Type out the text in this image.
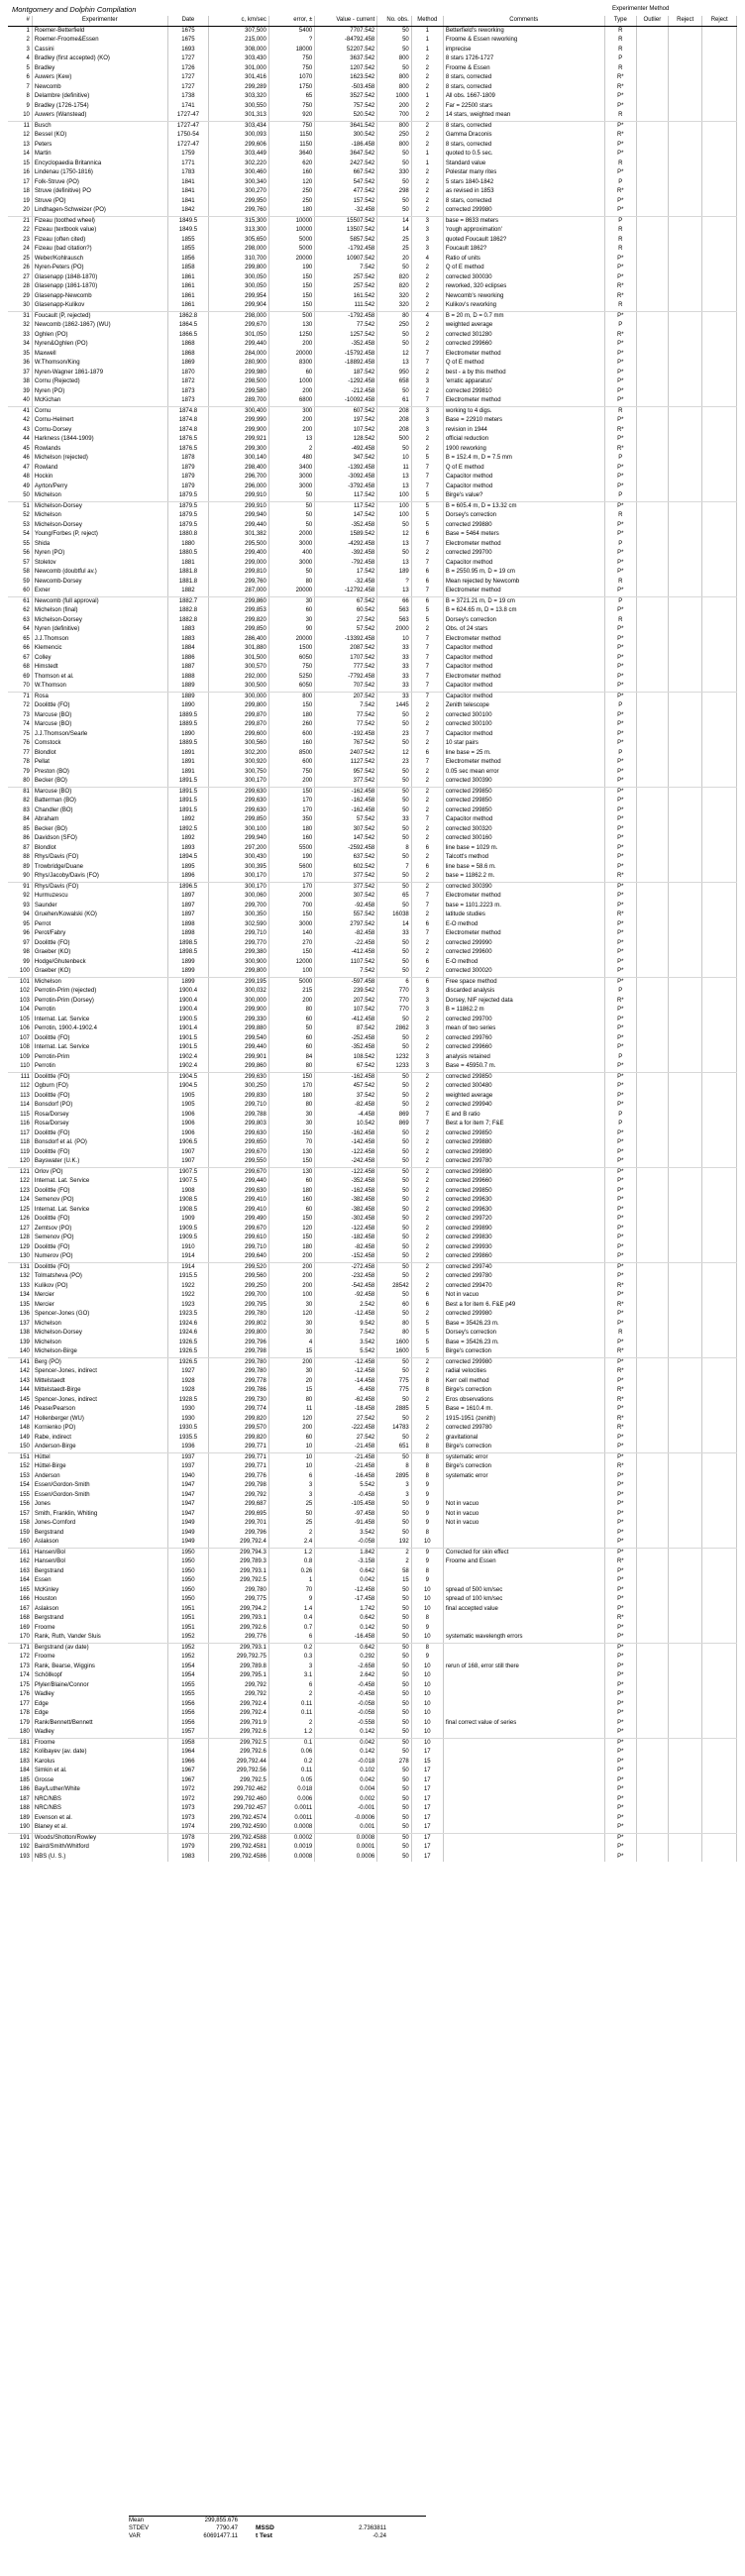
Montgomery and Dolphin Compilation	Experimenter Method
#	Experimenter	Date	c, km/sec	error, ±	Value - current	No. obs.	Method	Comments	Type	Outlier	Reject	Reject
1	Roemer-Betterfield	1675	307,500	5400	7707.542	50	1	Betterfield's reworking	R			
2	Roemer-Froome&Essen	1675	215,000	?	-84792.458	50	1	Froome & Essen reworking	R			
3	Cassini	1693	308,000	18000	52207.542	50	1	imprecise	R			
4	Bradley (first accepted) (KO)	1727	303,430	750	3637.542	800	2	8 stars 1726-1727	P			
5	Bradley	1726	301,000	750	1207.542	50	2	Froome & Essen	R			
6	Auwers (Kew)	1727	301,416	1070	1623.542	800	2	8 stars, corrected	R*			
7	Newcomb	1727	299,289	1750	-503.458	800	2	8 stars, corrected	R*			
8	Delambre (definitive)	1738	303,320	65	3527.542	1000	1	All obs. 1667-1809	P*			
9	Bradley (1726-1754)	1741	300,550	750	757.542	200	2	Far = 22500 stars	P*			
10	Auwers (Wanstead)	1727-47	301,313	920	520.542	700	2	14 stars, weighted mean	R			
11	Busch	1727-47	303,434	750	3641.542	800	2	8 stars, corrected	P*			
12	Bessel (KO)	1750-54	300,093	1150	300.542	250	2	Gamma Draconis	R*			
13	Peters	1727-47	299,606	1150	-186.458	800	2	8 stars, corrected	P*			
14	Martin	1759	303,449	3640	3647.542	50	1	quoted to 0.5 sec.	P*			
15	Encyclopaedia Britannica	1771	302,220	620	2427.542	50	1	Standard value	R			
16	Lindenau (1750-1816)	1783	300,460	160	667.542	330	2	Polestar many rites	P*			
17	Folk-Struve (PO)	1841	300,340	120	547.542	50	2	5 stars 1840-1842	P			
18	Struve (definitive) PO	1841	300,270	250	477.542	298	2	as revised in 1853	R*			
19	Struve (PO)	1841	299,950	250	157.542	50	2	8 stars, corrected	P*			
20	Lindhagen-Schweizer (PO)	1842	299,760	180	-32.458	50	2	corrected 299980	P*			
21	Fizeau (toothed wheel)	1849.5	315,300	10000	15507.542	14	3	base = 8633 meters	P			
22	Fizeau (textbook value)	1849.5	313,300	10000	13507.542	14	3	'rough approximation'	R			
23	Fizeau (often cited)	1855	305,650	5000	5857.542	25	3	quoted Foucault 1862?	R			
24	Fizeau (bad citation?)	1855	298,000	5000	-1792.458	25	3	Foucault 1862?	R			
25	Weber/Kohlrausch	1856	310,700	20000	10907.542	20	4	Ratio of units	P*			
26	Nyren-Peters (PO)	1858	299,800	190	7.542	50	2	Q of E method	P*			
27	Glasenapp (1848-1870)	1861	300,050	150	257.542	820	2	corrected 300030	P*			
28	Glasenapp (1861-1870)	1861	300,050	150	257.542	820	2	reworked, 320 eclipses	R*			
29	Glasenapp-Newcomb	1861	299,954	150	161.542	320	2	Newcomb's reworking	R*			
30	Glasenapp-Kulikov	1861	299,904	150	111.542	320	2	Kulikov's reworking	R			
31	Foucault (P, rejected)	1862.8	298,000	500	-1792.458	80	4	B = 20 m, D = 0.7 mm	P*			
32	Newcomb (1862-1867) (WU)	1864.5	299,670	130	77.542	250	2	weighted average	P			
33	Oghlen (PO)	1866.5	301,050	1250	1257.542	50	2	corrected 301280	R*			
34	Nyren&Oghlen (PO)	1868	299,440	200	-352.458	50	2	corrected 299660	P*			
35	Maxwell	1868	284,000	20000	-15792.458	12	7	Electrometer method	P*			
36	W.Thomson/King	1869	280,900	8300	-18892.458	13	7	Q of E method	P*			
37	Nyren-Wagner 1861-1879	1870	299,980	60	187.542	950	2	best - a by this method	P*			
38	Cornu (Rejected)	1872	298,500	1000	-1292.458	658	3	'erratic apparatus'	P*			
39	Nyren (PO)	1873	299,580	200	-212.458	50	2	corrected 299810	P*			
40	McKichan	1873	289,700	6800	-10092.458	61	7	Electrometer method	P*			
41	Cornu	1874.8	300,400	300	607.542	208	3	working to 4 digs.	R			
42	Cornu-Helmert	1874.8	299,990	200	197.542	208	3	Base = 22910 meters	P*			
43	Cornu-Dorsey	1874.8	299,900	200	107.542	208	3	revision in 1944	R*			
44	Harkness (1844-1909)	1876.5	299,921	13	128.542	500	2	official reduction	P*			
45	Rowlands	1876.5	299,300	2	-492.458	50	2	1900 reworking	R*			
46	Michelson (rejected)	1878	300,140	480	347.542	10	5	B = 152.4 m, D = 7.5 mm	P			
47	Rowland	1879	298,400	3400	-1392.458	11	7	Q of E method	P*			
48	Hockin	1879	296,700	3000	-3092.458	13	7	Capacitor method	P*			
49	Ayrton/Perry	1879	296,000	3000	-3792.458	13	7	Capacitor method	P*			
50	Michelson	1879.5	299,910	50	117.542	100	5	Birge's value?	P			
51	Michelson-Dorsey	1879.5	299,910	50	117.542	100	5	B = 605.4 m, D = 13.32 cm	P*			
52	Michelson	1879.5	299,940	50	147.542	100	5	Dorsey's correction	R			
53	Michelson-Dorsey	1879.5	299,440	50	-352.458	50	5	corrected 299880	P*			
54	Young/Forbes (P, reject)	1880.8	301,382	2000	1589.542	12	6	Base = 5464 meters	P*			
55	Shida	1880	295,500	3000	-4292.458	13	7	Electrometer method	P			
56	Nyren (PO)	1880.5	299,400	400	-392.458	50	2	corrected 299700	P*			
57	Stoletov	1881	299,000	3000	-792.458	13	7	Capacitor method	P*			
58	Newcomb (doubtful av.)	1881.8	299,810	50	17.542	189	6	B = 2550.95 m, D = 19 cm	P*			
59	Newcomb-Dorsey	1881.8	299,760	80	-32.458	?	6	Mean rejected by Newcomb	R			
60	Exner	1882	287,000	20000	-12792.458	13	7	Electrometer method	P*			
61	Newcomb (full approval)	1882.7	299,860	30	67.542	66	6	B = 3721.21 m, D = 19 cm	P			
62	Michelson (final)	1882.8	299,853	60	60.542	563	5	B = 624.65 m, D = 13.8 cm	P*			
63	Michelson-Dorsey	1882.8	299,820	30	27.542	563	5	Dorsey's correction	R			
64	Nyren (definitive)	1883	299,850	90	57.542	2000	2	Obs. of 24 stars	P*			
65	J.J.Thomson	1883	286,400	20000	-13392.458	10	7	Electrometer method	P*			
66	Klemencic	1884	301,880	1500	2087.542	33	7	Capacitor method	P*			
67	Colley	1886	301,500	6050	1707.542	33	7	Capacitor method	P*			
68	Himstedt	1887	300,570	750	777.542	33	7	Capacitor method	P*			
69	Thomson et al.	1888	292,000	5250	-7792.458	33	7	Electrometer method	P*			
70	W.Thomson	1889	300,500	6050	707.542	33	7	Capacitor method	P*			
71	Rosa	1889	300,000	800	207.542	33	7	Capacitor method	P*			
72	Doolittle (FO)	1890	299,800	150	7.542	1445	2	Zenith telescope	P			
73	Marcuse (BO)	1889.5	299,870	180	77.542	50	2	corrected 300100	P*			
74	Marcuse (BO)	1889.5	299,870	260	77.542	50	2	corrected 300100	P*			
75	J.J.Thomson/Searle	1890	299,600	600	-192.458	23	7	Capacitor method	P*			
76	Comstock	1889.5	300,560	160	767.542	50	2	10 star pairs	P*			
77	Blondlot	1891	302,200	8500	2407.542	12	6	line base = 25 m.	P			
78	Pellat	1891	300,920	600	1127.542	23	7	Electrometer method	P*			
79	Preston (BO)	1891	300,750	750	957.542	50	2	0.05 sec mean error	P*			
80	Becker (BO)	1891.5	300,170	200	377.542	50	2	corrected 300390	P*			
81	Marcuse (BO)	1891.5	299,630	150	-162.458	50	2	corrected 299850	P*			
82	Batterman (BO)	1891.5	299,630	170	-162.458	50	2	corrected 299850	P*			
83	Chandler (BO)	1891.5	299,630	170	-162.458	50	2	corrected 299850	P*			
84	Abraham	1892	299,850	350	57.542	33	7	Capacitor method	P*			
85	Becker (BO)	1892.5	300,100	180	307.542	50	2	corrected 300320	P*			
86	Davidson (SFO)	1892	299,940	160	147.542	50	2	corrected 300160	P*			
87	Blondlot	1893	297,200	5500	-2592.458	8	6	line base = 1029 m.	P*			
88	Rhys/Davis (FO)	1894.5	300,430	190	637.542	50	2	Talcott's method	P*			
89	Trowbridge/Duane	1895	300,395	5600	602.542	7	6	line base = 58.6 m.	P*			
90	Rhys/Jacoby/Davis (FO)	1896	300,170	170	377.542	50	2	base = 11862.2 m.	R*			
91	Rhys/Davis (FO)	1896.5	300,170	170	377.542	50	2	corrected 300390	P*			
92	Hurmuzescu	1897	300,060	2000	307.542	65	7	Electrometer method	P*			
93	Saunder	1897	299,700	700	-92.458	50	7	base = 1101.2223 m.	P*			
94	Gruehen/Kowalski (KO)	1897	300,350	150	557.542	16038	2	latitude studies	R*			
95	Perrot	1898	302,590	3000	2797.542	14	6	E-O method	P*			
96	Perot/Fabry	1898	299,710	140	-82.458	33	7	Electrometer method	P*			
97	Doolittle (FO)	1898.5	299,770	270	-22.458	50	2	corrected 299990	P*			
98	Graeber (KO)	1898.5	299,380	150	-412.458	50	2	corrected 299600	P*			
99	Hodge/Ghutenbeck	1899	300,900	12000	1107.542	50	6	E-O method	P*			
100	Graeber (KO)	1899	299,800	100	7.542	50	2	corrected 300020	P*			
101	Michelson	1899	299,195	5000	-597.458	6	6	Free space method	P*			
102	Perrotin-Prim (rejected)	1900.4	300,032	215	239.542	770	3	discarded analysis	P			
103	Perrotin-Prim (Dorsey)	1900.4	300,000	200	207.542	770	3	Dorsey, NIF rejected data	R*			
104	Perrotin	1900.4	299,900	80	107.542	770	3	B = 11862.2 m	P*			
105	Internat. Lat. Service	1900.5	299,330	60	-412.458	50	2	corrected 299700	P*			
106	Perrotin, 1900.4-1902.4	1901.4	299,880	50	87.542	2862	3	mean of two series	P*			
107	Doolittle (FO)	1901.5	299,540	60	-252.458	50	2	corrected 299760	P*			
108	Internat. Lat. Service	1901.5	299,440	60	-352.458	50	2	corrected 299660	P*			
109	Perrotin-Prim	1902.4	299,901	84	108.542	1232	3	analysis retained	P			
110	Perrotin	1902.4	299,860	80	67.542	1233	3	Base = 45950.7 m.	P*			
111	Doolittle (FO)	1904.5	299,630	150	-162.458	50	2	corrected 299850	P*			
112	Ogburn (FO)	1904.5	300,250	170	457.542	50	2	corrected 300480	P*			
113	Doolittle (FO)	1905	299,830	180	37.542	50	2	weighted average	P*			
114	Bonsdorf (PO)	1905	299,710	80	-82.458	50	2	corrected 299940	P*			
115	Rosa/Dorsey	1906	299,788	30	-4.458	869	7	E and B ratio	P			
116	Rosa/Dorsey	1906	299,803	30	10.542	869	7	Best a for item 7; F&E	P			
117	Doolittle (FO)	1906	299,630	150	-162.458	50	2	corrected 299850	P*			
118	Bonsdorf et al. (PO)	1906.5	299,650	70	-142.458	50	2	corrected 299880	P*			
119	Doolittle (FO)	1907	299,670	130	-122.458	50	2	corrected 299890	P*			
120	Bayswater (U.K.)	1907	299,550	150	-242.458	50	2	corrected 299780	P*			
121	Orlov (PO)	1907.5	299,670	130	-122.458	50	2	corrected 299890	P*			
122	Internat. Lat. Service	1907.5	299,440	60	-352.458	50	2	corrected 299660	P*			
123	Doolittle (FO)	1908	299,630	180	-162.458	50	2	corrected 299850	P*			
124	Semenov (PO)	1908.5	299,410	160	-382.458	50	2	corrected 299630	P*			
125	Internat. Lat. Service	1908.5	299,410	60	-382.458	50	2	corrected 299630	P*			
126	Doolittle (FO)	1909	299,490	150	-302.458	50	2	corrected 299720	P*			
127	Zemtsov (PO)	1909.5	299,670	120	-122.458	50	2	corrected 299890	P*			
128	Semenov (PO)	1909.5	299,610	150	-182.458	50	2	corrected 299830	P*			
129	Doolittle (FO)	1910	299,710	180	-82.458	50	2	corrected 299930	P*			
130	Numerov (PO)	1914	299,640	200	-152.458	50	2	corrected 299860	P*			
131	Doolittle (FO)	1914	299,520	200	-272.458	50	2	corrected 299740	P*			
132	Tolmatsheva (PO)	1915.5	299,560	200	-232.458	50	2	corrected 299780	P*			
133	Kulikov (PO)	1922	299,250	200	-542.458	28542	2	corrected 299470	R*			
134	Mercier	1922	299,700	100	-92.458	50	6	Not in vacuo	P*			
135	Mercier	1923	299,795	30	2.542	60	6	Best a for item 6. F&E p49	R*			
136	Spencer-Jones (GO)	1923.5	299,780	120	-12.458	50	2	corrected 299980	P*			
137	Michelson	1924.6	299,802	30	9.542	80	5	Base = 35426.23 m.	P*			
138	Michelson-Dorsey	1924.6	299,800	30	7.542	80	5	Dorsey's correction	R			
139	Michelson	1926.5	299,796	4	3.542	1600	5	Base = 35426.23 m.	P*			
140	Michelson-Birge	1926.5	299,798	15	5.542	1600	5	Birge's correction	R*			
141	Berg (PO)	1926.5	299,780	200	-12.458	50	2	corrected 299980	P*			
142	Spencer-Jones, indirect	1927	299,780	30	-12.458	50	2	radial velocities	R*			
143	Mittelstaedt	1928	299,778	20	-14.458	775	8	Kerr cell method	P*			
144	Mittelstaedt-Birge	1928	299,786	15	-6.458	775	8	Birge's correction	R*			
145	Spencer-Jones, indirect	1928.5	299,730	80	-62.458	50	2	Eros observations	R*			
146	Pease/Pearson	1930	299,774	11	-18.458	2885	5	Base = 1610.4 m.	P*			
147	Hollenberger (WU)	1930	299,820	120	27.542	50	2	1915-1951 (zenith)	R*			
148	Kornienko (PO)	1930.5	299,570	200	-222.458	14783	2	corrected 299780	R*			
149	Rabe, indirect	1935.5	299,820	60	27.542	50	2	gravitational	P*			
150	Anderson-Birge	1936	299,771	10	-21.458	651	8	Birge's correction	P*			
151	Hüttel	1937	299,771	10	-21.458	50	8	systematic error	P*			
152	Hüttel-Birge	1937	299,771	10	-21.458	8	8	Birge's correction	R*			
153	Anderson	1940	299,776	6	-16.458	2895	8	systematic error	P*			
154	Essen/Gordon-Smith	1947	299,798	3	5.542	3	9		P*			
155	Essen/Gordon-Smith	1947	299,792	3	-0.458	3	9		P*			
156	Jones	1947	299,687	25	-105.458	50	9	Not in vacuo	P*			
157	Smith, Franklin, Whiting	1947	299,695	50	-97.458	50	9	Not in vacuo	P*			
158	Jones-Cornford	1949	299,701	25	-91.458	50	9	Not in vacuo	P*			
159	Bergstrand	1949	299,796	2	3.542	50	8		P*			
160	Aslakson	1949	299,792.4	2.4	-0.058	192	10		P*			
161	Hansen/Bol	1950	299,794.3	1.2	1.842	2	9	Corrected for skin effect	P*			
162	Hansen/Bol	1950	299,789.3	0.8	-3.158	2	9	Froome and Essen	R*			
163	Bergstrand	1950	299,793.1	0.26	0.642	58	8		P*			
164	Essen	1950	299,792.5	1	0.042	15	9		P*			
165	McKinley	1950	299,780	70	-12.458	50	10	spread of 500 km/sec	P*			
166	Houston	1950	299,775	9	-17.458	50	10	spread of 100 km/sec	P*			
167	Aslakson	1951	299,794.2	1.4	1.742	50	10	final accepted value	P*			
168	Bergstrand	1951	299,793.1	0.4	0.642	50	8		R*			
169	Froome	1951	299,792.6	0.7	0.142	50	9		P*			
170	Rank, Ruth, Vander Sluis	1952	299,776	6	-16.458	50	10	systematic wavelength errors	P*			
171	Bergstrand (av date)	1952	299,793.1	0.2	0.642	50	8		P*			
172	Froome	1952	299,792.75	0.3	0.292	50	9		P*			
173	Rank, Bearse, Wiggins	1954	299,789.8	3	-2.658	50	10	rerun of 168, error still there	P*			
174	Schöllkopf	1954	299,795.1	3.1	2.642	50	10		P*			
175	Plyler/Blaine/Connor	1955	299,792	6	-0.458	50	10		P*			
176	Wadley	1955	299,792	2	-0.458	50	10		P*			
177	Edge	1956	299,792.4	0.11	-0.058	50	10		P*			
178	Edge	1956	299,792.4	0.11	-0.058	50	10		P*			
179	Rank/Bennett/Bennett	1956	299,791.9	2	-0.558	50	10	final correct value of series	P*			
180	Wadley	1957	299,792.6	1.2	0.142	50	10		P*			
181	Froome	1958	299,792.5	0.1	0.042	50	10		P*			
182	Kolibayev (av. date)	1964	299,792.6	0.06	0.142	50	17		P*			
183	Karolus	1966	299,792.44	0.2	-0.018	278	15		P*			
184	Simkin et al.	1967	299,792.56	0.11	0.102	50	17		P*			
185	Grosse	1967	299,792.5	0.05	0.042	50	17		P*			
186	Bay/Luther/White	1972	299,792.462	0.018	0.004	50	17		P*			
187	NRC/NBS	1972	299,792.460	0.006	0.002	50	17		P*			
188	NRC/NBS	1973	299,792.457	0.0011	-0.001	50	17		P*			
189	Evenson et al.	1973	299,792.4574	0.0011	-0.0006	50	17		P*			
190	Blaney et al.	1974	299,792.4590	0.0008	0.001	50	17		P*			
191	Woods/Shotton/Rowley	1978	299,792.4588	0.0002	0.0008	50	17		P*			
192	Baird/Smith/Whitford	1979	299,792.4581	0.0019	0.0001	50	17		P*			
193	NBS (U. S.)	1983	299,792.4586	0.0008	0.0006	50	17		P*			
Mean	299,855.676
STDEV	7790.47	MSSD	2.7363811
VAR	60691477.11	t Test	-0.24
